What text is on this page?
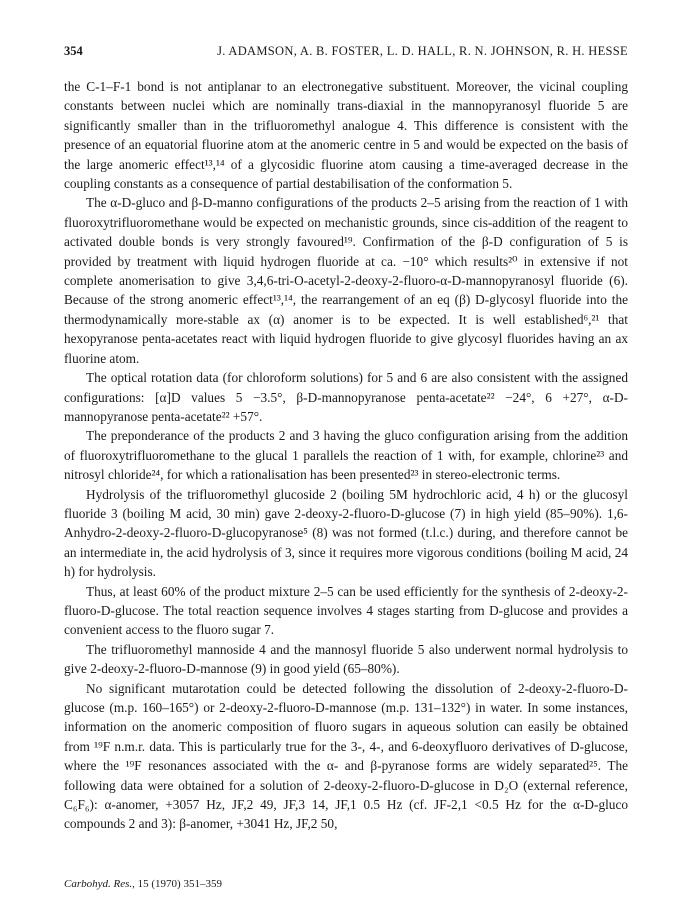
354	J. ADAMSON, A. B. FOSTER, L. D. HALL, R. N. JOHNSON, R. H. HESSE

the C-1–F-1 bond is not antiplanar to an electronegative substituent. Moreover, the vicinal coupling constants between nuclei which are nominally trans-diaxial in the mannopyranosyl fluoride 5 are significantly smaller than in the trifluoromethyl analogue 4. This difference is consistent with the presence of an equatorial fluorine atom at the anomeric centre in 5 and would be expected on the basis of the large anomeric effect¹³,¹⁴ of a glycosidic fluorine atom causing a time-averaged decrease in the coupling constants as a consequence of partial destabilisation of the conformation 5.

The α-D-gluco and β-D-manno configurations of the products 2–5 arising from the reaction of 1 with fluoroxytrifluoromethane would be expected on mechanistic grounds, since cis-addition of the reagent to activated double bonds is very strongly favoured¹⁹. Confirmation of the β-D configuration of 5 is provided by treatment with liquid hydrogen fluoride at ca. −10° which results²⁰ in extensive if not complete anomerisation to give 3,4,6-tri-O-acetyl-2-deoxy-2-fluoro-α-D-mannopyranosyl fluoride (6). Because of the strong anomeric effect¹³,¹⁴, the rearrangement of an eq (β) D-glycosyl fluoride into the thermodynamically more-stable ax (α) anomer is to be expected. It is well established⁶,²¹ that hexopyranose penta-acetates react with liquid hydrogen fluoride to give glycosyl fluorides having an ax fluorine atom.

The optical rotation data (for chloroform solutions) for 5 and 6 are also consistent with the assigned configurations: [α]D values 5 −3.5°, β-D-mannopyranose penta-acetate²² −24°, 6 +27°, α-D-mannopyranose penta-acetate²² +57°.

The preponderance of the products 2 and 3 having the gluco configuration arising from the addition of fluoroxytrifluoromethane to the glucal 1 parallels the reaction of 1 with, for example, chlorine²³ and nitrosyl chloride²⁴, for which a rationalisation has been presented²³ in stereo-electronic terms.

Hydrolysis of the trifluoromethyl glucoside 2 (boiling 5M hydrochloric acid, 4 h) or the glucosyl fluoride 3 (boiling M acid, 30 min) gave 2-deoxy-2-fluoro-D-glucose (7) in high yield (85–90%). 1,6-Anhydro-2-deoxy-2-fluoro-D-glucopyranose⁵ (8) was not formed (t.l.c.) during, and therefore cannot be an intermediate in, the acid hydrolysis of 3, since it requires more vigorous conditions (boiling M acid, 24 h) for hydrolysis.

Thus, at least 60% of the product mixture 2–5 can be used efficiently for the synthesis of 2-deoxy-2-fluoro-D-glucose. The total reaction sequence involves 4 stages starting from D-glucose and provides a convenient access to the fluoro sugar 7.

The trifluoromethyl mannoside 4 and the mannosyl fluoride 5 also underwent normal hydrolysis to give 2-deoxy-2-fluoro-D-mannose (9) in good yield (65–80%).

No significant mutarotation could be detected following the dissolution of 2-deoxy-2-fluoro-D-glucose (m.p. 160–165°) or 2-deoxy-2-fluoro-D-mannose (m.p. 131–132°) in water. In some instances, information on the anomeric composition of fluoro sugars in aqueous solution can easily be obtained from ¹⁹F n.m.r. data. This is particularly true for the 3-, 4-, and 6-deoxyfluoro derivatives of D-glucose, where the ¹⁹F resonances associated with the α- and β-pyranose forms are widely separated²⁵. The following data were obtained for a solution of 2-deoxy-2-fluoro-D-glucose in D₂O (external reference, C₆F₆): α-anomer, +3057 Hz, JF,2 49, JF,3 14, JF,1 0.5 Hz (cf. JF-2,1 <0.5 Hz for the α-D-gluco compounds 2 and 3): β-anomer, +3041 Hz, JF,2 50,

Carbohyd. Res., 15 (1970) 351–359
